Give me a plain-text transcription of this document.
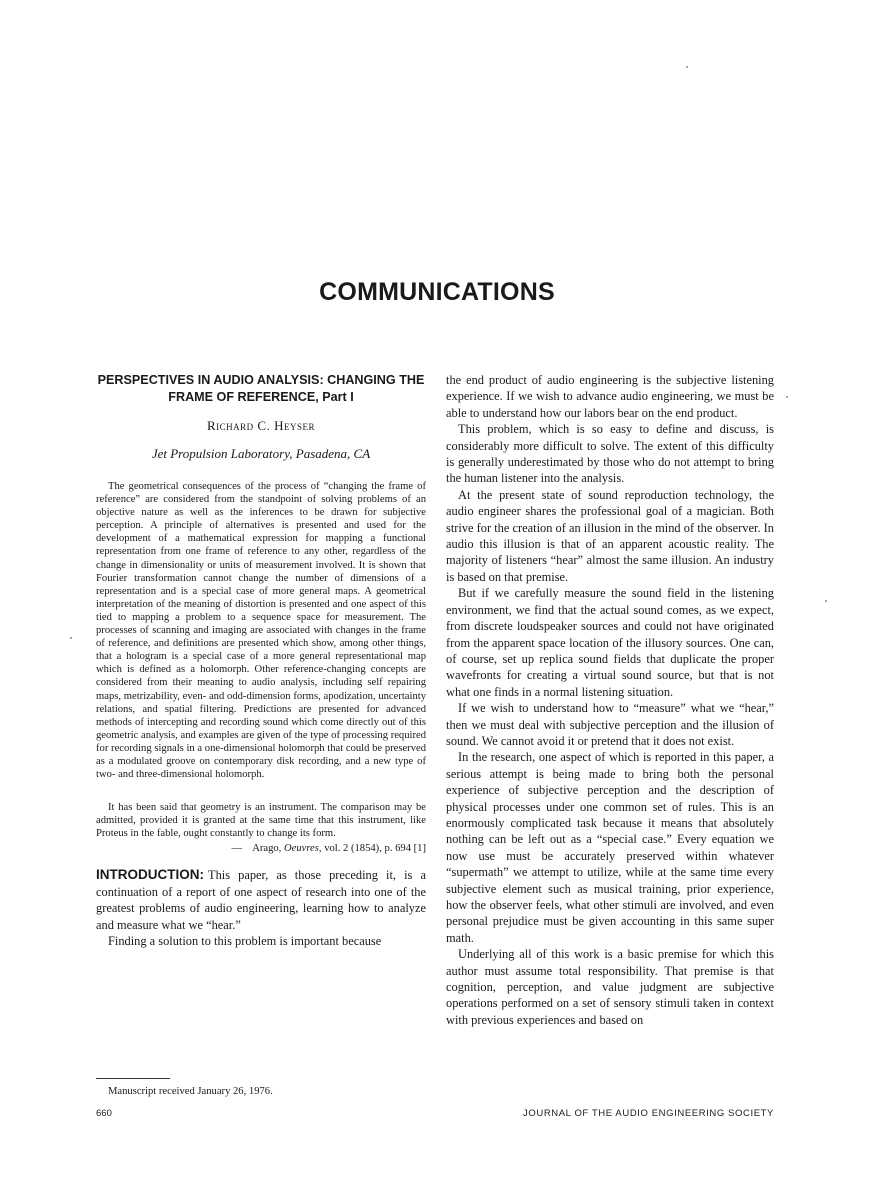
COMMUNICATIONS
PERSPECTIVES IN AUDIO ANALYSIS: CHANGING THE FRAME OF REFERENCE, Part I

Richard C. Heyser

Jet Propulsion Laboratory, Pasadena, CA

The geometrical consequences of the process of “changing the frame of reference” are considered from the standpoint of solving problems of an objective nature as well as the inferences to be drawn for subjective perception. A principle of alternatives is presented and used for the development of a mathematical expression for mapping a functional representation from one frame of reference to any other, regardless of the change in dimensionality or units of measurement involved. It is shown that Fourier transformation cannot change the number of dimensions of a representation and is a special case of more general maps. A geometrical interpretation of the meaning of distortion is presented and one aspect of this tied to mapping a problem to a sequence space for measurement. The processes of scanning and imaging are associated with changes in the frame of reference, and definitions are presented which show, among other things, that a hologram is a special case of a more general representational map which is defined as a holomorph. Other reference-changing concepts are considered from their meaning to audio analysis, including self repairing maps, metrizability, even- and odd-dimension forms, apodization, uncertainty relations, and spatial filtering. Predictions are presented for advanced methods of intercepting and recording sound which come directly out of this geometric analysis, and examples are given of the type of processing required for recording signals in a one-dimensional holomorph that could be preserved as a modulated groove on contemporary disk recording, and a new type of two- and three-dimensional holomorph.

It has been said that geometry is an instrument. The comparison may be admitted, provided it is granted at the same time that this instrument, like Proteus in the fable, ought constantly to change its form.

— Arago, Oeuvres, vol. 2 (1854), p. 694 [1]

INTRODUCTION: This paper, as those preceding it, is a continuation of a report of one aspect of research into one of the greatest problems of audio engineering, learning how to analyze and measure what we “hear.”

Finding a solution to this problem is important because

the end product of audio engineering is the subjective listening experience. If we wish to advance audio engineering, we must be able to understand how our labors bear on the end product.

This problem, which is so easy to define and discuss, is considerably more difficult to solve. The extent of this difficulty is generally underestimated by those who do not attempt to bring the human listener into the analysis.

At the present state of sound reproduction technology, the audio engineer shares the professional goal of a magician. Both strive for the creation of an illusion in the mind of the observer. In audio this illusion is that of an apparent acoustic reality. The majority of listeners “hear” almost the same illusion. An industry is based on that premise.

But if we carefully measure the sound field in the listening environment, we find that the actual sound comes, as we expect, from discrete loudspeaker sources and could not have originated from the apparent space location of the illusory sources. One can, of course, set up replica sound fields that duplicate the proper wavefronts for creating a virtual sound source, but that is not what one finds in a normal listening situation.

If we wish to understand how to “measure” what we “hear,” then we must deal with subjective perception and the illusion of sound. We cannot avoid it or pretend that it does not exist.

In the research, one aspect of which is reported in this paper, a serious attempt is being made to bring both the personal experience of subjective perception and the description of physical processes under one common set of rules. This is an enormously complicated task because it means that absolutely nothing can be left out as a “special case.” Every equation we now use must be accurately preserved within whatever “supermath” we attempt to utilize, while at the same time every subjective element such as musical training, prior experience, how the observer feels, what other stimuli are involved, and even personal prejudice must be given accounting in this same super math.

Underlying all of this work is a basic premise for which this author must assume total responsibility. That premise is that cognition, perception, and value judgment are subjective operations performed on a set of sensory stimuli taken in context with previous experiences and based on

Manuscript received January 26, 1976.

660	JOURNAL OF THE AUDIO ENGINEERING SOCIETY
